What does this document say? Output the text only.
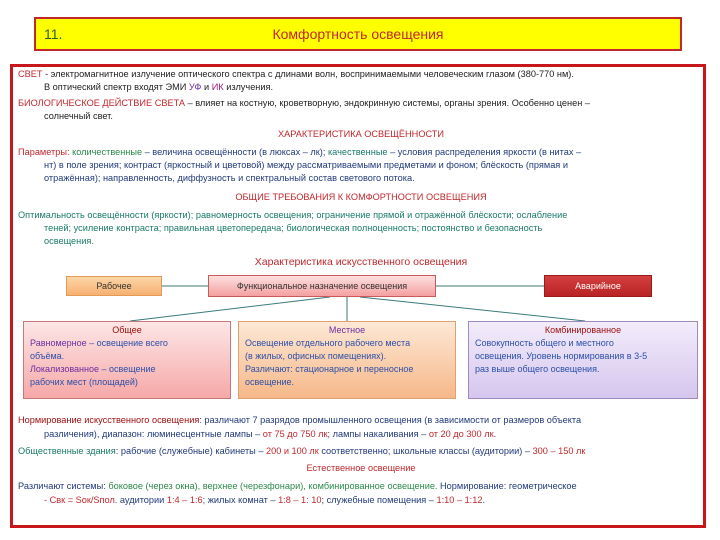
11.	Комфортность освещения
СВЕТ - электромагнитное излучение оптического спектра с длинами волн, воспринимаемыми человеческим глазом (380-770 нм).
В оптический спектр входят ЭМИ УФ и ИК излучения.
БИОЛОГИЧЕСКОЕ ДЕЙСТВИЕ СВЕТА – влияет на костную, кроветворную, эндокринную системы, органы зрения. Особенно ценен –
солнечный свет.
ХАРАКТЕРИСТИКА ОСВЕЩЁННОСТИ
Параметры: количественные – величина освещённости (в люксах – лк); качественные – условия распределения яркости (в нитах –
нт) в поле зрения; контраст (яркостный и цветовой) между рассматриваемыми предметами и фоном; блёскость (прямая и
отражённая); направленность, диффузность и спектральный состав светового потока.
ОБЩИЕ ТРЕБОВАНИЯ К КОМФОРТНОСТИ ОСВЕЩЕНИЯ
Оптимальность освещённости (яркости); равномерность освещения; ограничение прямой и отражённой блёскости; ослабление
теней; усиление контраста; правильная цветопередача; биологическая полноценность; постоянство и безопасность
освещения.
Характеристика искусственного освещения
Рабочее	Функциональное назначение освещения	Аварийное
Общее
Равномерное – освещение всего
объёма.
Локализованное – освещение
рабочих мест (площадей)
Местное
Освещение отдельного рабочего места
(в жилых, офисных помещениях).
Различают: стационарное и переносное
освещение.
Комбинированное
Совокупность общего и местного
освещения. Уровень нормирования в 3-5
раз выше общего освещения.
Нормирование искусственного освещения: различают 7 разрядов промышленного освещения (в зависимости от размеров объекта
различения), диапазон: люминесцентные лампы – от 75 до 750 лк; лампы накаливания – от 20 до 300 лк.
Общественные здания: рабочие (служебные) кабинеты – 200 и 100 лк соответственно; школьные классы (аудитории) – 300 – 150 лк
Естественное освещение
Различают системы: боковое (через окна), верхнее (черезфонари), комбинированное освещение. Нормирование: геометрическое
- Свк = Sок/Sпол. аудитории 1:4 – 1:6; жилых комнат – 1:8 – 1: 10; служебные помещения – 1:10 – 1:12.
